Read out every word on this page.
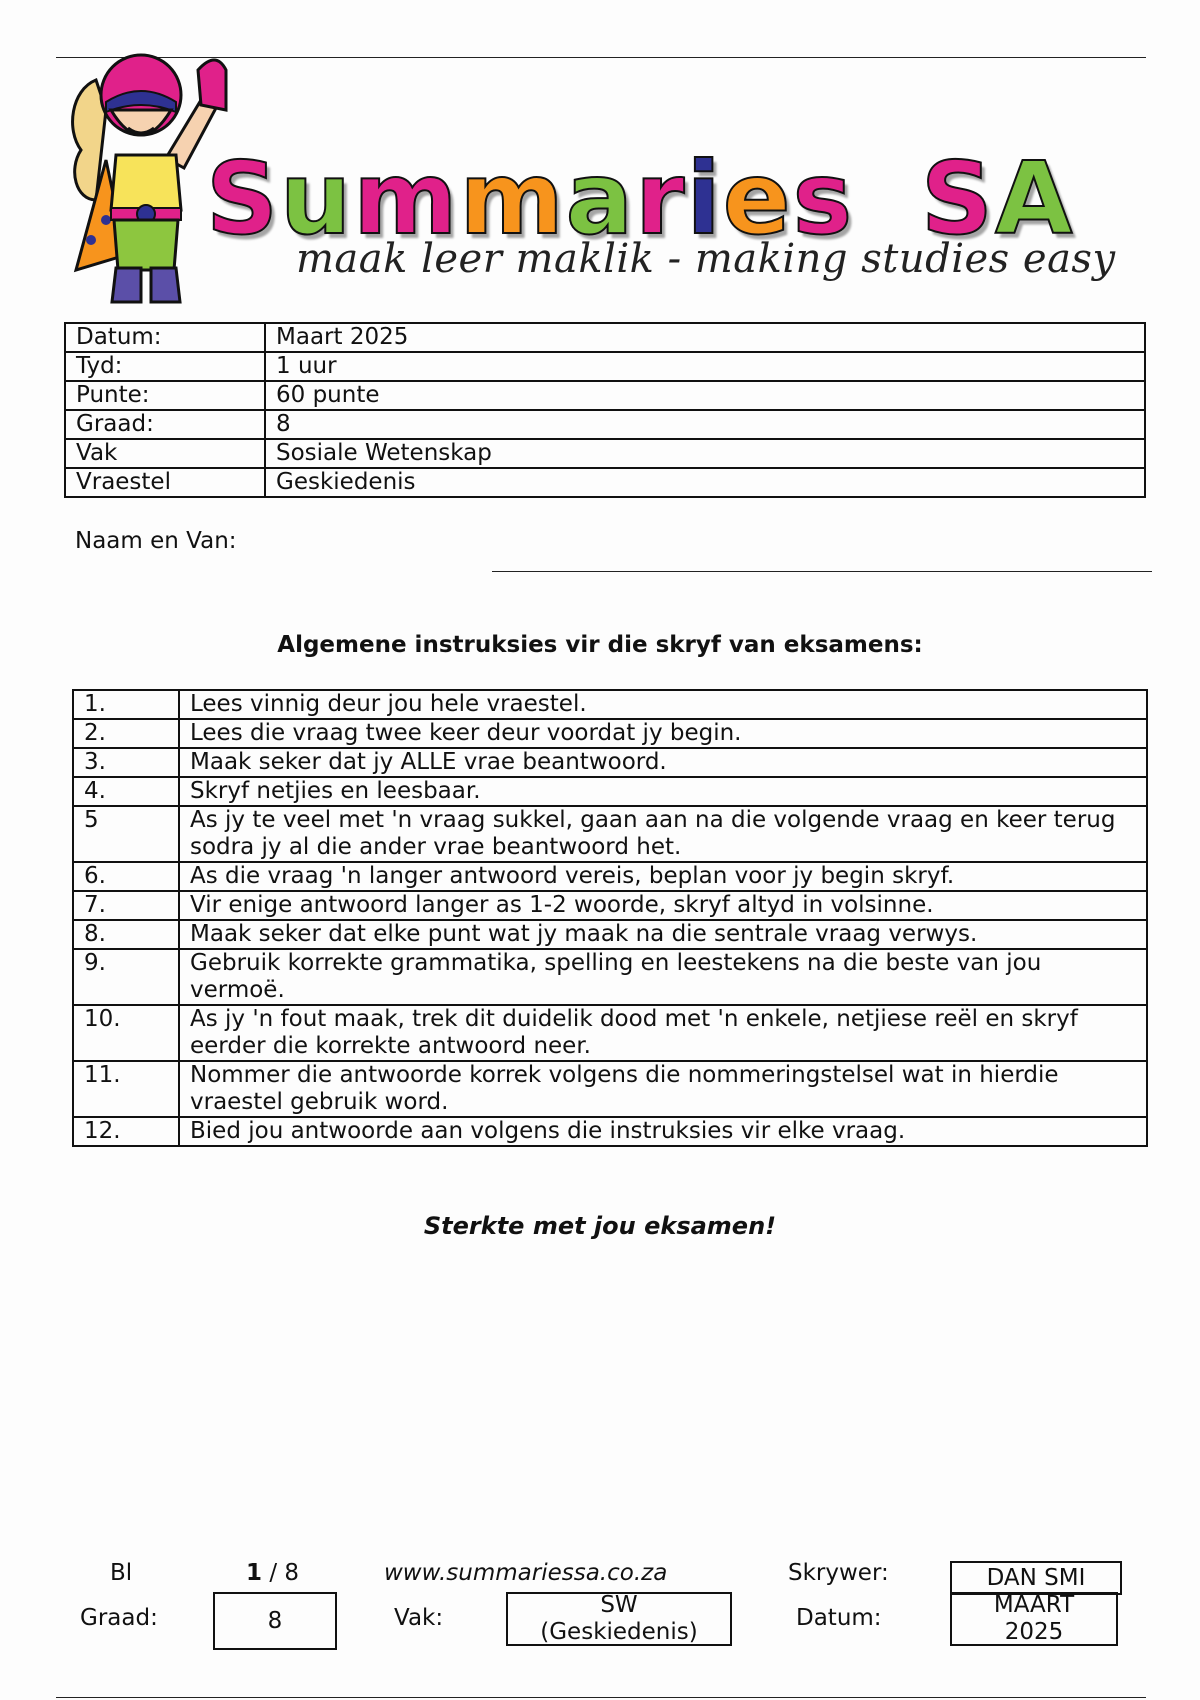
Summaries SA
maak leer maklik - making studies easy
Datum:	Maart 2025
Tyd:	1 uur
Punte:	60 punte
Graad:	8
Vak	Sosiale Wetenskap
Vraestel	Geskiedenis
Naam en Van:
Algemene instruksies vir die skryf van eksamens:
1.	Lees vinnig deur jou hele vraestel.
2.	Lees die vraag twee keer deur voordat jy begin.
3.	Maak seker dat jy ALLE vrae beantwoord.
4.	Skryf netjies en leesbaar.
5	As jy te veel met 'n vraag sukkel, gaan aan na die volgende vraag en keer terug sodra jy al die ander vrae beantwoord het.
6.	As die vraag 'n langer antwoord vereis, beplan voor jy begin skryf.
7.	Vir enige antwoord langer as 1-2 woorde, skryf altyd in volsinne.
8.	Maak seker dat elke punt wat jy maak na die sentrale vraag verwys.
9.	Gebruik korrekte grammatika, spelling en leestekens na die beste van jou vermoë.
10.	As jy 'n fout maak, trek dit duidelik dood met 'n enkele, netjiese reël en skryf eerder die korrekte antwoord neer.
11.	Nommer die antwoorde korrek volgens die nommeringstelsel wat in hierdie vraestel gebruik word.
12.	Bied jou antwoorde aan volgens die instruksies vir elke vraag.
Sterkte met jou eksamen!
Bl	1 / 8	www.summariessa.co.za	Skrywer:	DAN SMI
Graad:	8	Vak:	SW (Geskiedenis)
Datum:	MAART 2025
